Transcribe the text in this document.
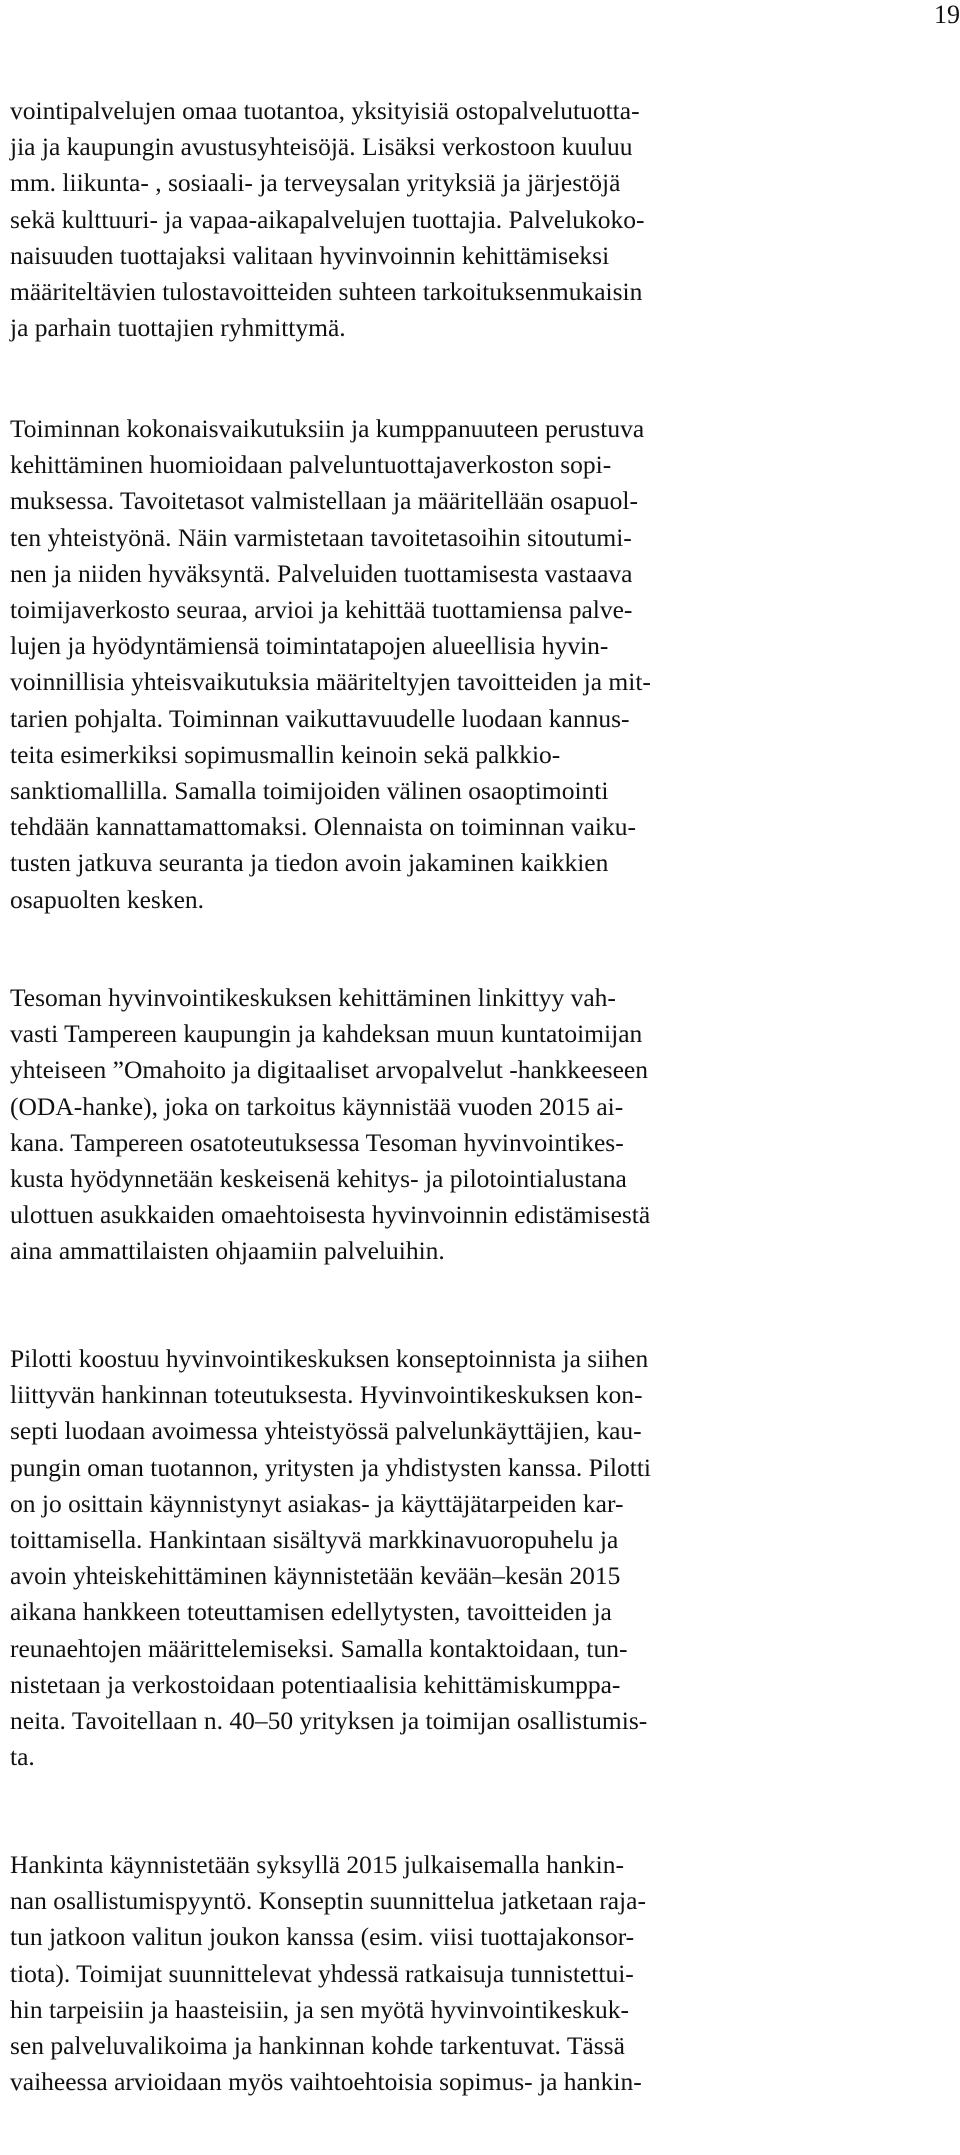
19
vointipalvelujen omaa tuotantoa, yksityisiä ostopalvelutuotta-
jia ja kaupungin avustusyhteisöjä. Lisäksi verkostoon kuuluu
mm. liikunta- , sosiaali- ja terveysalan yrityksiä ja järjestöjä
sekä kulttuuri- ja vapaa-aikapalvelujen tuottajia. Palvelukoko-
naisuuden tuottajaksi valitaan hyvinvoinnin kehittämiseksi
määriteltävien tulostavoitteiden suhteen tarkoituksenmukaisin
ja parhain tuottajien ryhmittymä.
Toiminnan kokonaisvaikutuksiin ja kumppanuuteen perustuva
kehittäminen huomioidaan palveluntuottajaverkoston sopi-
muksessa. Tavoitetasot valmistellaan ja määritellään osapuol-
ten yhteistyönä. Näin varmistetaan tavoitetasoihin sitoutumi-
nen ja niiden hyväksyntä. Palveluiden tuottamisesta vastaava
toimijaverkosto seuraa, arvioi ja kehittää tuottamiensa palve-
lujen ja hyödyntämiensä toimintatapojen alueellisia hyvin-
voinnillisia yhteisvaikutuksia määriteltyjen tavoitteiden ja mit-
tarien pohjalta. Toiminnan vaikuttavuudelle luodaan kannus-
teita esimerkiksi sopimusmallin keinoin sekä palkkio-
sanktiomallilla. Samalla toimijoiden välinen osaoptimointi
tehdään kannattamattomaksi. Olennaista on toiminnan vaiku-
tusten jatkuva seuranta ja tiedon avoin jakaminen kaikkien
osapuolten kesken.
Tesoman hyvinvointikeskuksen kehittäminen linkittyy vah-
vasti Tampereen kaupungin ja kahdeksan muun kuntatoimijan
yhteiseen ”Omahoito ja digitaaliset arvopalvelut -hankkeeseen
(ODA-hanke), joka on tarkoitus käynnistää vuoden 2015 ai-
kana. Tampereen osatoteutuksessa Tesoman hyvinvointikes-
kusta hyödynnetään keskeisenä kehitys- ja pilotointialustana
ulottuen asukkaiden omaehtoisesta hyvinvoinnin edistämisestä
aina ammattilaisten ohjaamiin palveluihin.
Pilotti koostuu hyvinvointikeskuksen konseptoinnista ja siihen
liittyvän hankinnan toteutuksesta. Hyvinvointikeskuksen kon-
septi luodaan avoimessa yhteistyössä palvelunkäyttäjien, kau-
pungin oman tuotannon, yritysten ja yhdistysten kanssa. Pilotti
on jo osittain käynnistynyt asiakas- ja käyttäjätarpeiden kar-
toittamisella. Hankintaan sisältyvä markkinavuoropuhelu ja
avoin yhteiskehittäminen käynnistetään kevään–kesän 2015
aikana hankkeen toteuttamisen edellytysten, tavoitteiden ja
reunaehtojen määrittelemiseksi. Samalla kontaktoidaan, tun-
nistetaan ja verkostoidaan potentiaalisia kehittämiskumppa-
neita. Tavoitellaan n. 40–50 yrityksen ja toimijan osallistumis-
ta.
Hankinta käynnistetään syksyllä 2015 julkaisemalla hankin-
nan osallistumispyyntö. Konseptin suunnittelua jatketaan raja-
tun jatkoon valitun joukon kanssa (esim. viisi tuottajakonsor-
tiota). Toimijat suunnittelevat yhdessä ratkaisuja tunnistettui-
hin tarpeisiin ja haasteisiin, ja sen myötä hyvinvointikeskuk-
sen palveluvalikoima ja hankinnan kohde tarkentuvat. Tässä
vaiheessa arvioidaan myös vaihtoehtoisia sopimus- ja hankin-
